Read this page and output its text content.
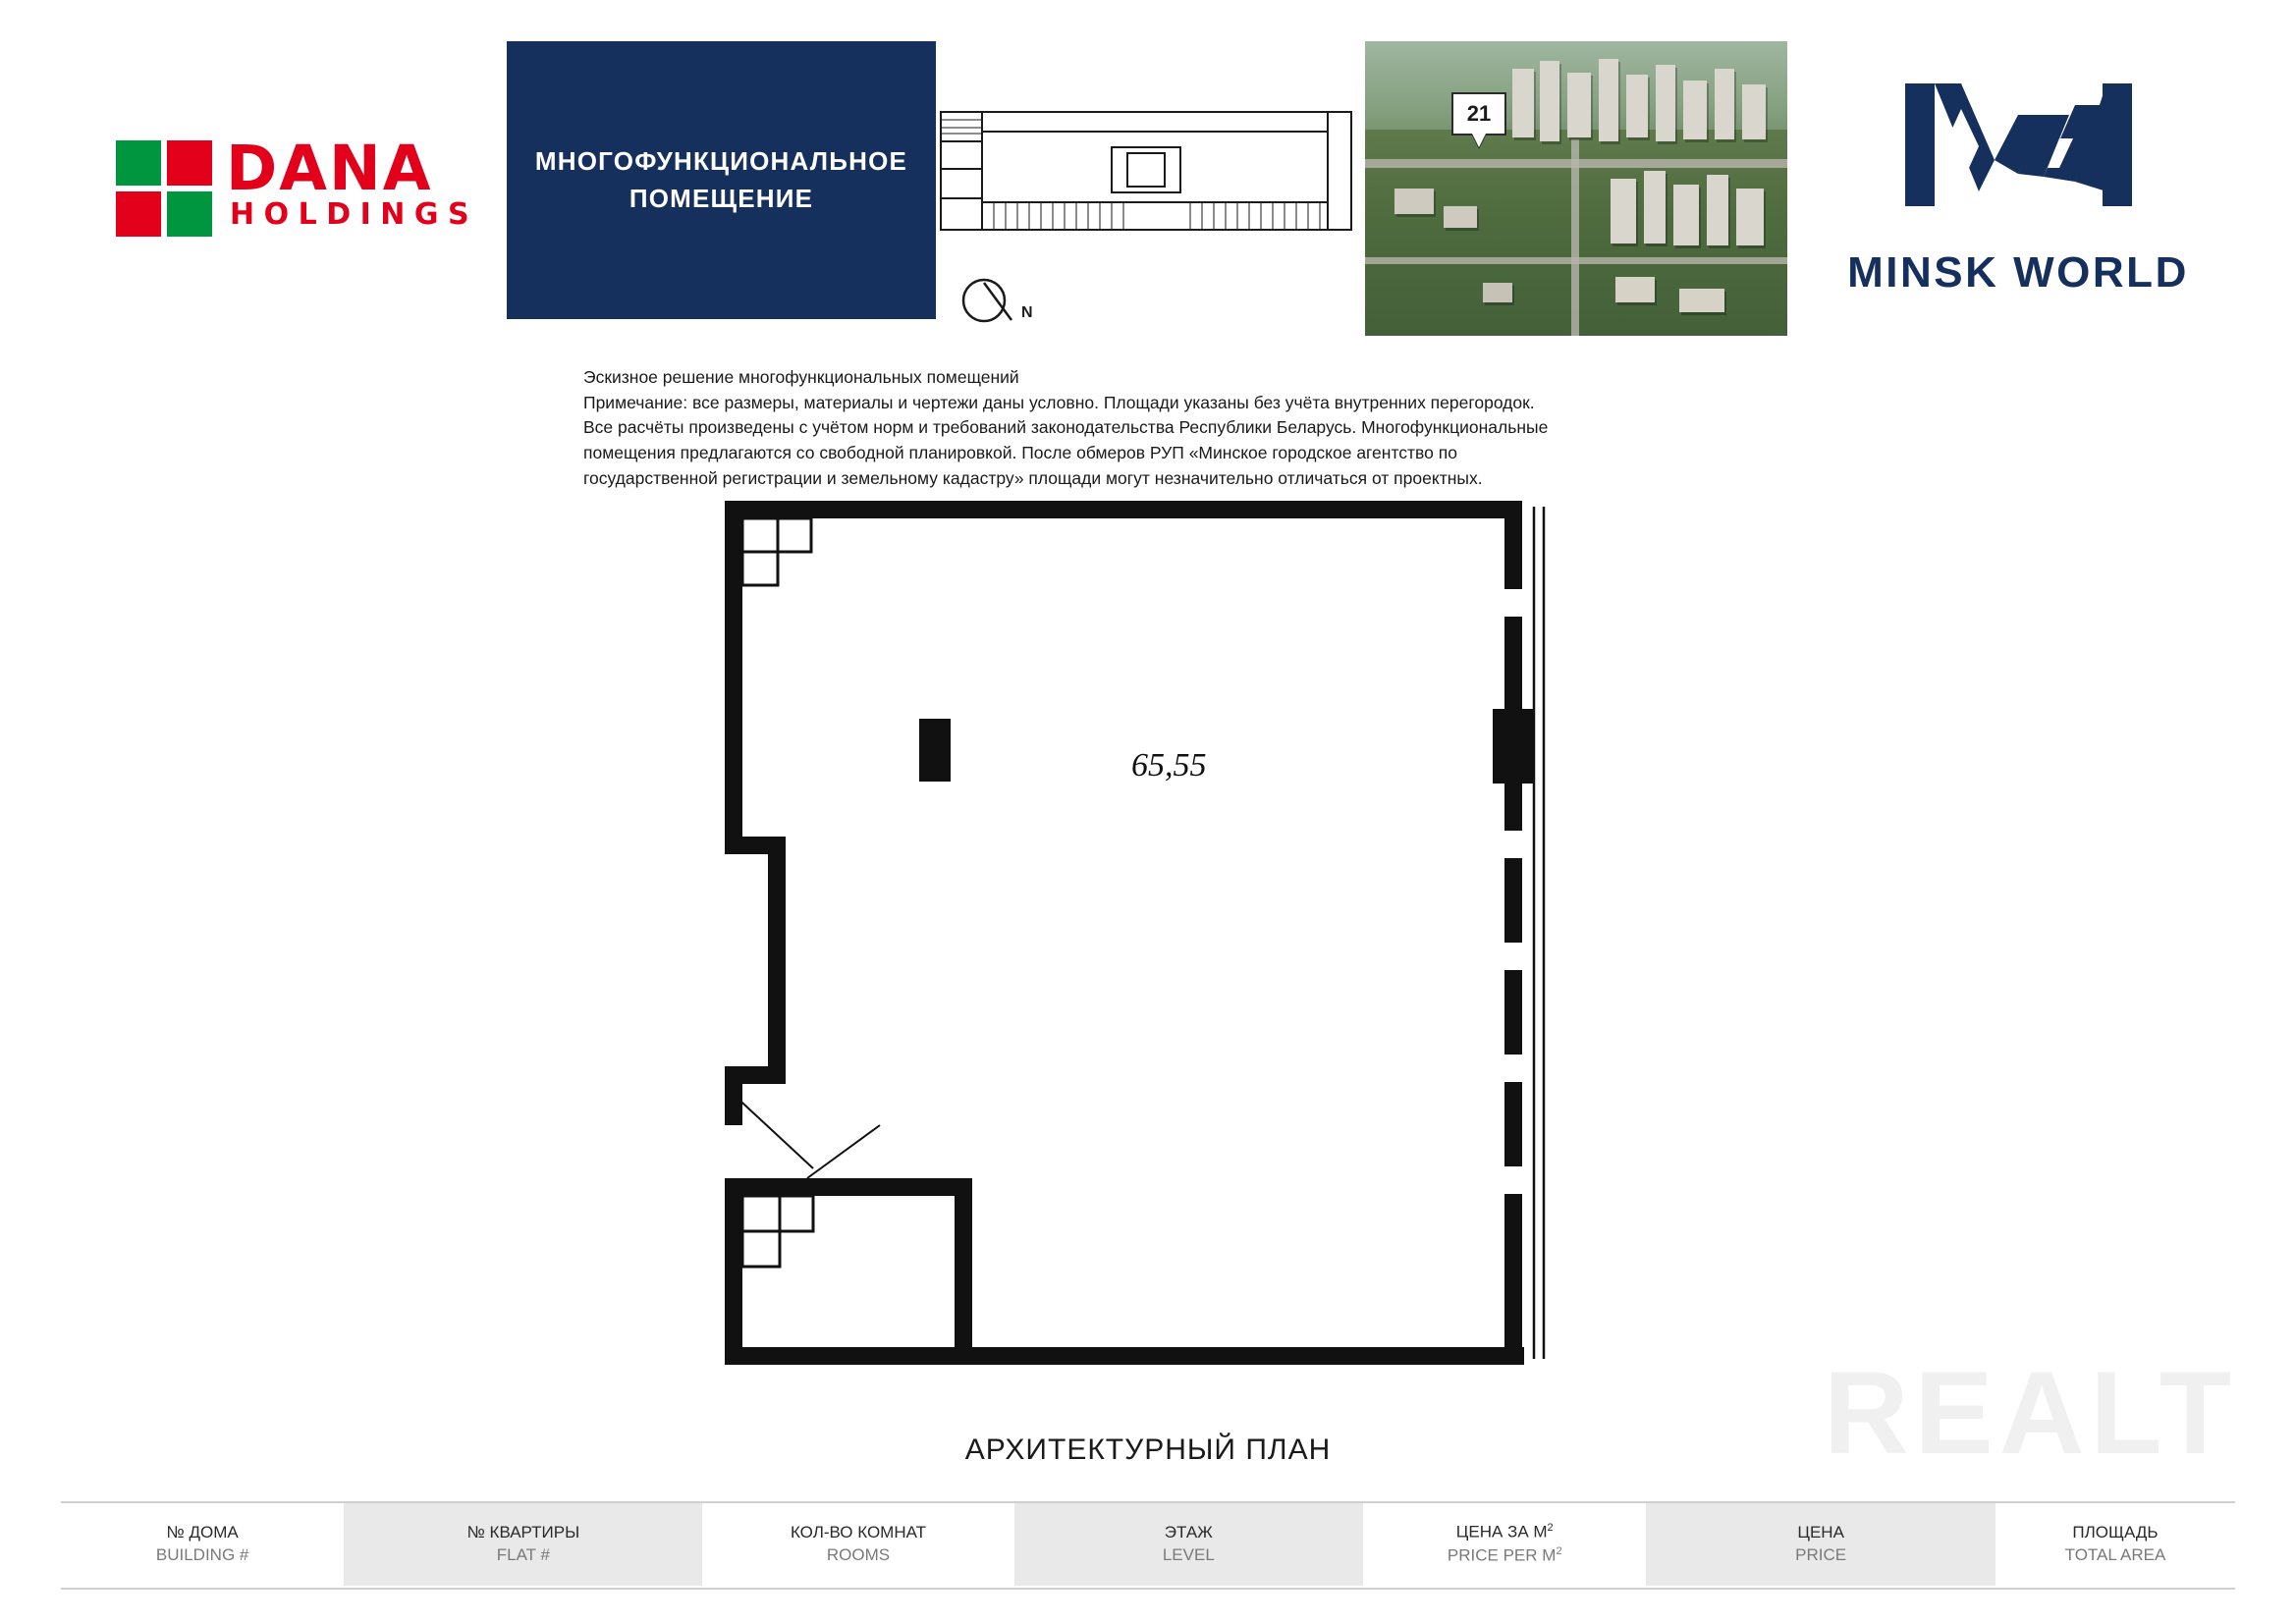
DANA
HOLDINGS
МНОГОФУНКЦИОНАЛЬНОЕ
ПОМЕЩЕНИЕ
N
21
MINSK WORLD
Эскизное решение многофункциональных помещений
Примечание: все размеры, материалы и чертежи даны условно. Площади указаны без учёта внутренних перегородок.
Все расчёты произведены с учётом норм и требований законодательства Республики Беларусь. Многофункциональные
помещения предлагаются со свободной планировкой. После обмеров РУП «Минское городское агентство по
государственной регистрации и земельному кадастру» площади могут незначительно отличаться от проектных.
65,55
АРХИТЕКТУРНЫЙ ПЛАН	REALT
№ ДОМА
BUILDING #
№ КВАРТИРЫ
FLAT #
КОЛ-ВО КОМНАТ
ROOMS
ЭТАЖ
LEVEL
ЦЕНА ЗА $М^2$
PRICE PER $M^2$
ЦЕНА
PRICE
ПЛОЩАДЬ
TOTAL AREA
